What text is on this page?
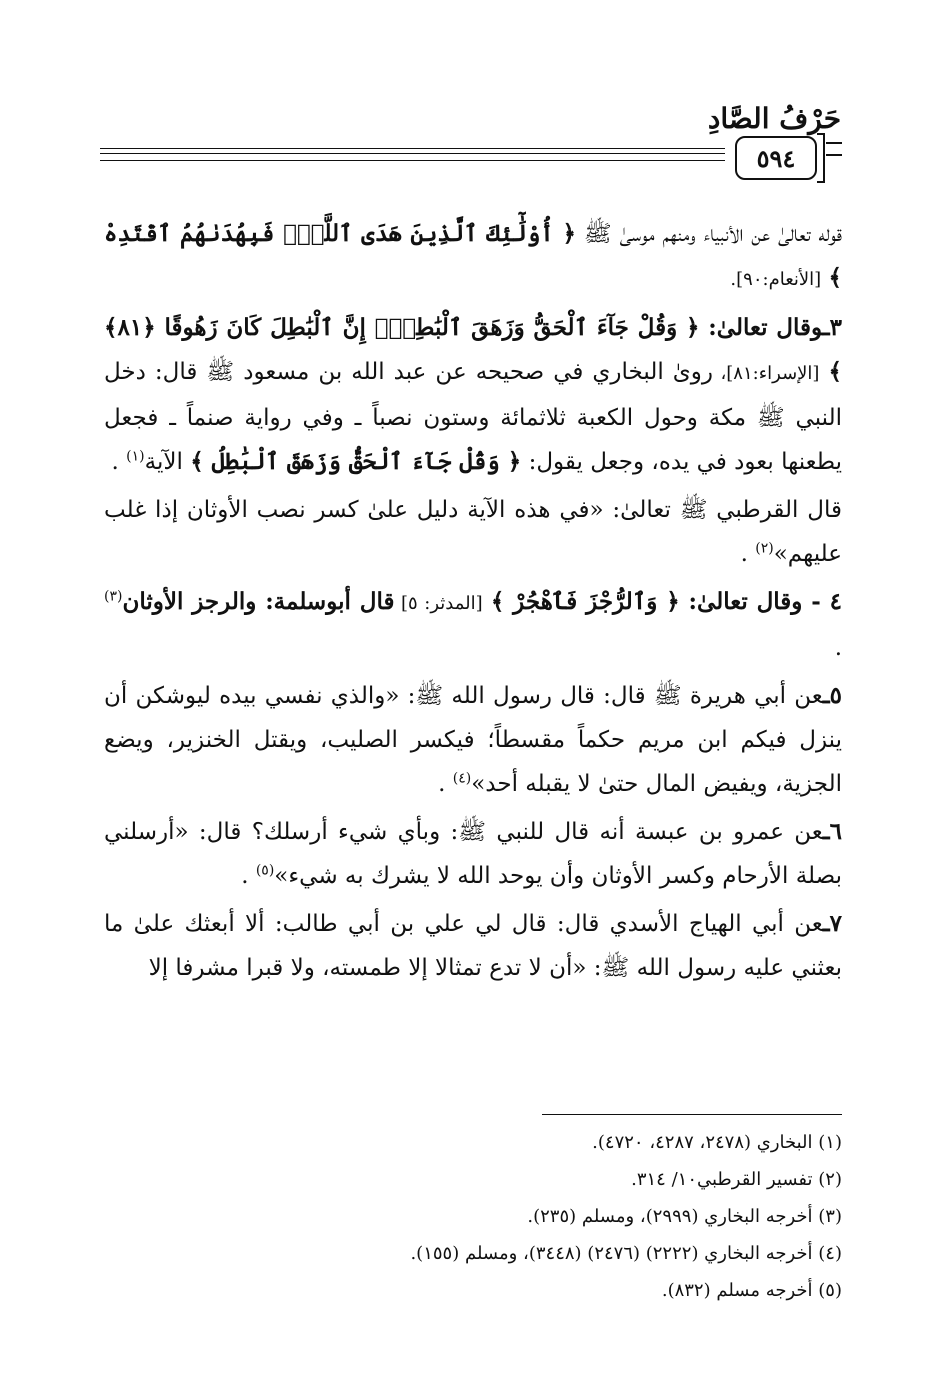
حَرْفُ الصَّادِ
٥٩٤

قوله تعالىٰ عن الأنبياء ومنهم موسىٰ ﷺ ﴿ أُوْلَٰٓئِكَ ٱلَّذِينَ هَدَى ٱللَّهُۖ فَبِهُدَىٰهُمُ ٱقْتَدِهْ ﴾ [الأنعام:٩٠].

٣ـوقال تعالىٰ: ﴿ وَقُلْ جَآءَ ٱلْحَقُّ وَزَهَقَ ٱلْبَٰطِلُۚ إِنَّ ٱلْبَٰطِلَ كَانَ زَهُوقًا ﴿٨١﴾ ﴾ [الإسراء:٨١]، روىٰ البخاري في صحيحه عن عبد الله بن مسعود ﷺ قال: دخل النبي ﷺ مكة وحول الكعبة ثلاثمائة وستون نصباً ـ وفي رواية صنماً ـ فجعل يطعنها بعود في يده، وجعل يقول: ﴿ وَقُلْ جَآءَ ٱلْحَقُّ وَزَهَقَ ٱلْبَٰطِلُ ﴾ الآية$^{(١)}$ .

قال القرطبي ﷺ تعالىٰ: «في هذه الآية دليل علىٰ كسر نصب الأوثان إذا غلب عليهم»$^{(٢)}$ .

٤ - وقال تعالىٰ: ﴿ وَٱلرُّجْزَ فَٱهْجُرْ ﴾ [المدثر: ٥] قال أبوسلمة: والرجز الأوثان$^{(٣)}$ .

٥ـعن أبي هريرة ﷺ قال: قال رسول الله ﷺ: «والذي نفسي بيده ليوشكن أن ينزل فيكم ابن مريم حكماً مقسطاً؛ فيكسر الصليب، ويقتل الخنزير، ويضع الجزية، ويفيض المال حتىٰ لا يقبله أحد»$^{(٤)}$ .

٦ـعن عمرو بن عبسة أنه قال للنبي ﷺ: وبأي شيء أرسلك؟ قال: «أرسلني بصلة الأرحام وكسر الأوثان وأن يوحد الله لا يشرك به شيء»$^{(٥)}$ .

٧ـعن أبي الهياج الأسدي قال: قال لي علي بن أبي طالب: ألا أبعثك علىٰ ما بعثني عليه رسول الله ﷺ: «أن لا تدع تمثالا إلا طمسته، ولا قبرا مشرفا إلا

(١) البخاري (٢٤٧٨، ٤٢٨٧، ٤٧٢٠).
(٢) تفسير القرطبي١٠/ ٣١٤.
(٣) أخرجه البخاري (٢٩٩٩)، ومسلم (٢٣٥).
(٤) أخرجه البخاري (٢٢٢٢) (٢٤٧٦) (٣٤٤٨)، ومسلم (١٥٥).
(٥) أخرجه مسلم (٨٣٢).
